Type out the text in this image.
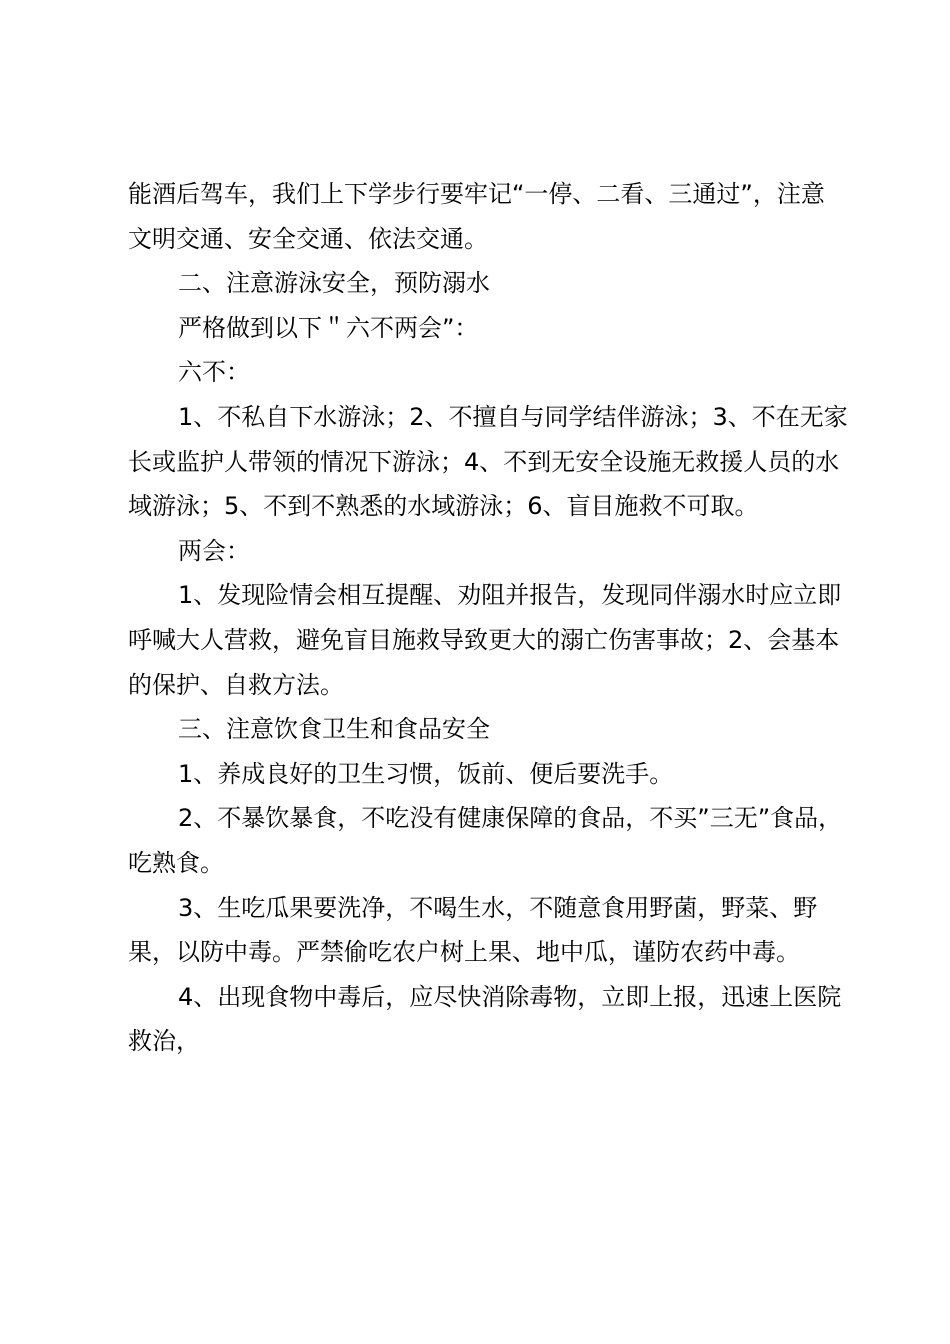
能酒后驾车，我们上下学步行要牢记“一停、二看、三通过”，注意文明交通、安全交通、依法交通。

二、注意游泳安全，预防溺水

严格做到以下＂六不两会”：

六不：

1、不私自下水游泳；2、不擅自与同学结伴游泳；3、不在无家长或监护人带领的情况下游泳；4、不到无安全设施无救援人员的水域游泳；5、不到不熟悉的水域游泳；6、盲目施救不可取。

两会：

1、发现险情会相互提醒、劝阻并报告，发现同伴溺水时应立即呼喊大人营救，避免盲目施救导致更大的溺亡伤害事故；2、会基本的保护、自救方法。

三、注意饮食卫生和食品安全

1、养成良好的卫生习惯，饭前、便后要洗手。

2、不暴饮暴食，不吃没有健康保障的食品，不买”三无”食品，吃熟食。

3、生吃瓜果要洗净，不喝生水，不随意食用野菌，野菜、野果，以防中毒。严禁偷吃农户树上果、地中瓜，谨防农药中毒。

4、出现食物中毒后，应尽快消除毒物，立即上报，迅速上医院救治，
